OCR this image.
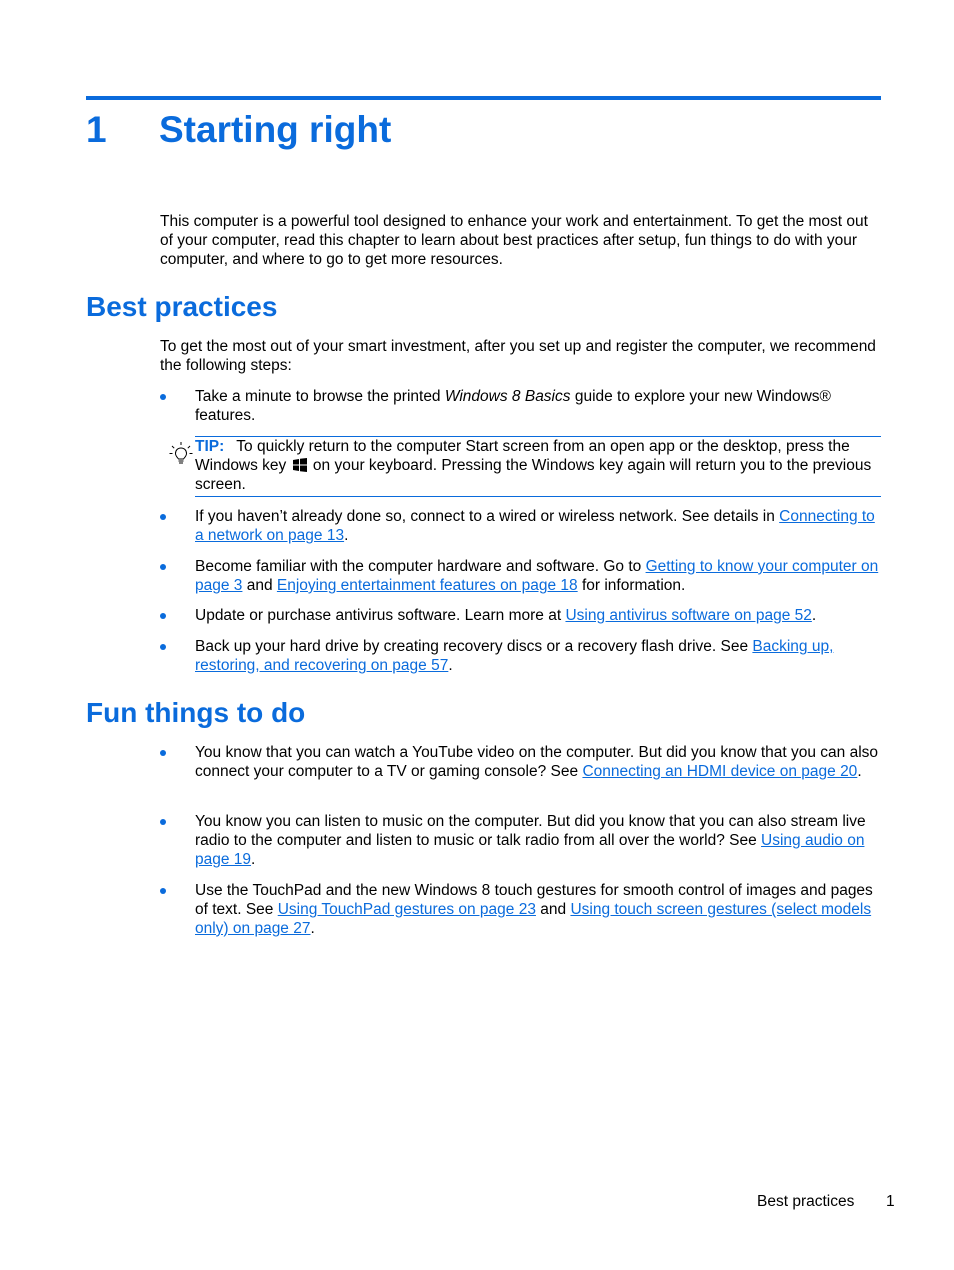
1 Starting right

This computer is a powerful tool designed to enhance your work and entertainment. To get the most out of your computer, read this chapter to learn about best practices after setup, fun things to do with your computer, and where to go to get more resources.

Best practices

To get the most out of your smart investment, after you set up and register the computer, we recommend the following steps:

Take a minute to browse the printed Windows 8 Basics guide to explore your new Windows® features.
TIP: To quickly return to the computer Start screen from an open app or the desktop, press the Windows key  on your keyboard. Pressing the Windows key again will return you to the previous screen.
If you haven’t already done so, connect to a wired or wireless network. See details in Connecting to a network on page 13.
Become familiar with the computer hardware and software. Go to Getting to know your computer on page 3 and Enjoying entertainment features on page 18 for information.
Update or purchase antivirus software. Learn more at Using antivirus software on page 52.
Back up your hard drive by creating recovery discs or a recovery flash drive. See Backing up, restoring, and recovering on page 57.
Fun things to do
You know that you can watch a YouTube video on the computer. But did you know that you can also connect your computer to a TV or gaming console? See Connecting an HDMI device on page 20.
You know you can listen to music on the computer. But did you know that you can also stream live radio to the computer and listen to music or talk radio from all over the world? See Using audio on page 19.
Use the TouchPad and the new Windows 8 touch gestures for smooth control of images and pages of text. See Using TouchPad gestures on page 23 and Using touch screen gestures (select models only) on page 27.
Best practices 1
